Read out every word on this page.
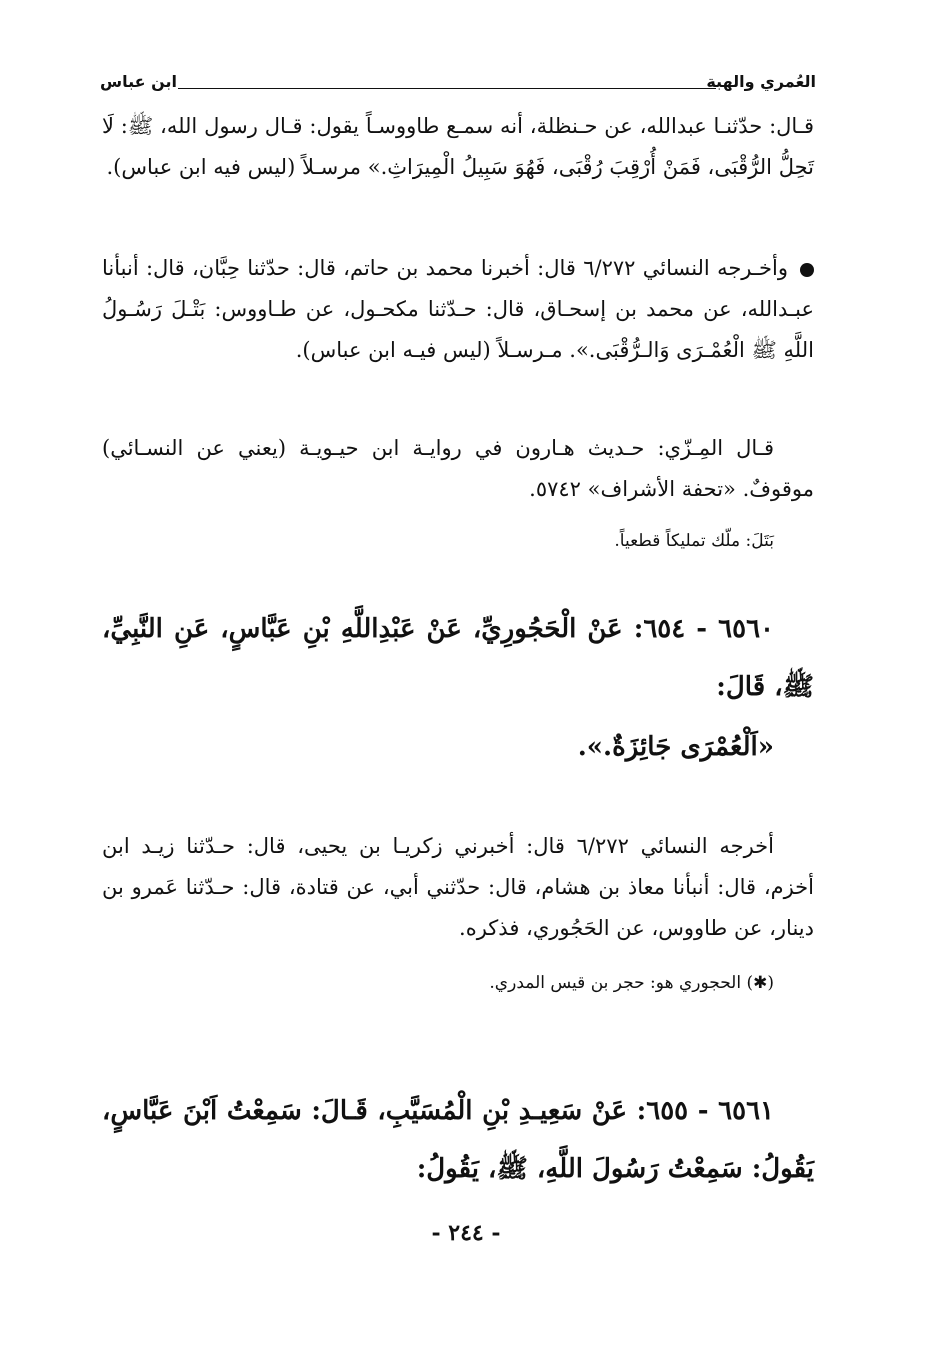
العُمري والهبة
ابن عباس
قـال: حدّثنـا عبدالله، عن حـنظلة، أنه سمـع طاووسـاً يقول: قـال رسول الله، ﷺ: لَا تَحِلُّ الرُّقْبَى، فَمَنْ أُرْقِبَ رُقْبَى، فَهُوَ سَبِيلُ الْمِيرَاثِ.» مرسـلاً (ليس فيه ابن عباس).
وأخـرجه النسائي ٦/٢٧٢ قال: أخبرنا محمد بن حاتم، قال: حدّثنا حِبَّان، قال: أنبأنا عبـدالله، عن محمد بن إسحـاق، قال: حـدّثنا مكحـول، عن طـاووس: بَتْـلَ رَسُـولُ اللَّهِ ﷺ الْعُمْـرَى وَالـرُّقْبَى.». مـرسـلاً (ليس فيـه ابن عباس).
قـال المِـزّي: حـديث هـارون في روايـة ابن حيـويـة (يعني عن النسـائي) موقوفٌ. «تحفة الأشراف» ٥٧٤٢.
بَتَلَ: ملّك تمليكاً قطعياً.
٦٥٦٠ - ٦٥٤: عَنْ الْحَجُورِيِّ، عَنْ عَبْدِاللَّهِ بْنِ عَبَّاسٍ، عَنِ النَّبِيِّ، ﷺ، قَالَ:
«اَلْعُمْرَى جَائِزَةٌ.».
أخرجه النسائي ٦/٢٧٢ قال: أخبرني زكريـا بن يحيى، قال: حـدّثنا زيـد ابن أخزم، قال: أنبأنا معاذ بن هشام، قال: حدّثني أبي، عن قتادة، قال: حـدّثنا عَمرو بن دينار، عن طاووس، عن الحَجُوري، فذكره.
(✱) الحجوري هو: حجر بن قيس المدري.
٦٥٦١ - ٦٥٥: عَنْ سَعِيـدِ بْنِ الْمُسَيَّبِ، قَـالَ: سَمِعْتُ اَبْنَ عَبَّاسٍ، يَقُولُ: سَمِعْتُ رَسُولَ اللَّهِ، ﷺ، يَقُولُ:
- ٢٤٤ -
